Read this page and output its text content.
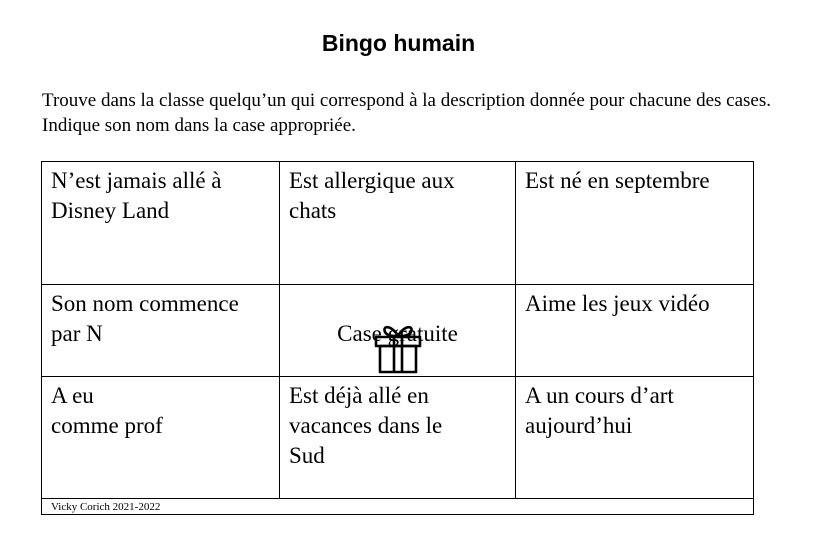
Bingo humain
Trouve dans la classe quelqu’un qui correspond à la description donnée pour chacune des cases. Indique son nom dans la case appropriée.
N’est jamais allé à
Disney Land
Est allergique aux
chats
Est né en septembre
Son nom commence
par N	Case gratuite

Aime les jeux vidéo
A eu
comme prof
Est déjà allé en
vacances dans le
Sud
A un cours d’art
aujourd’hui
Vicky Corich 2021-2022
